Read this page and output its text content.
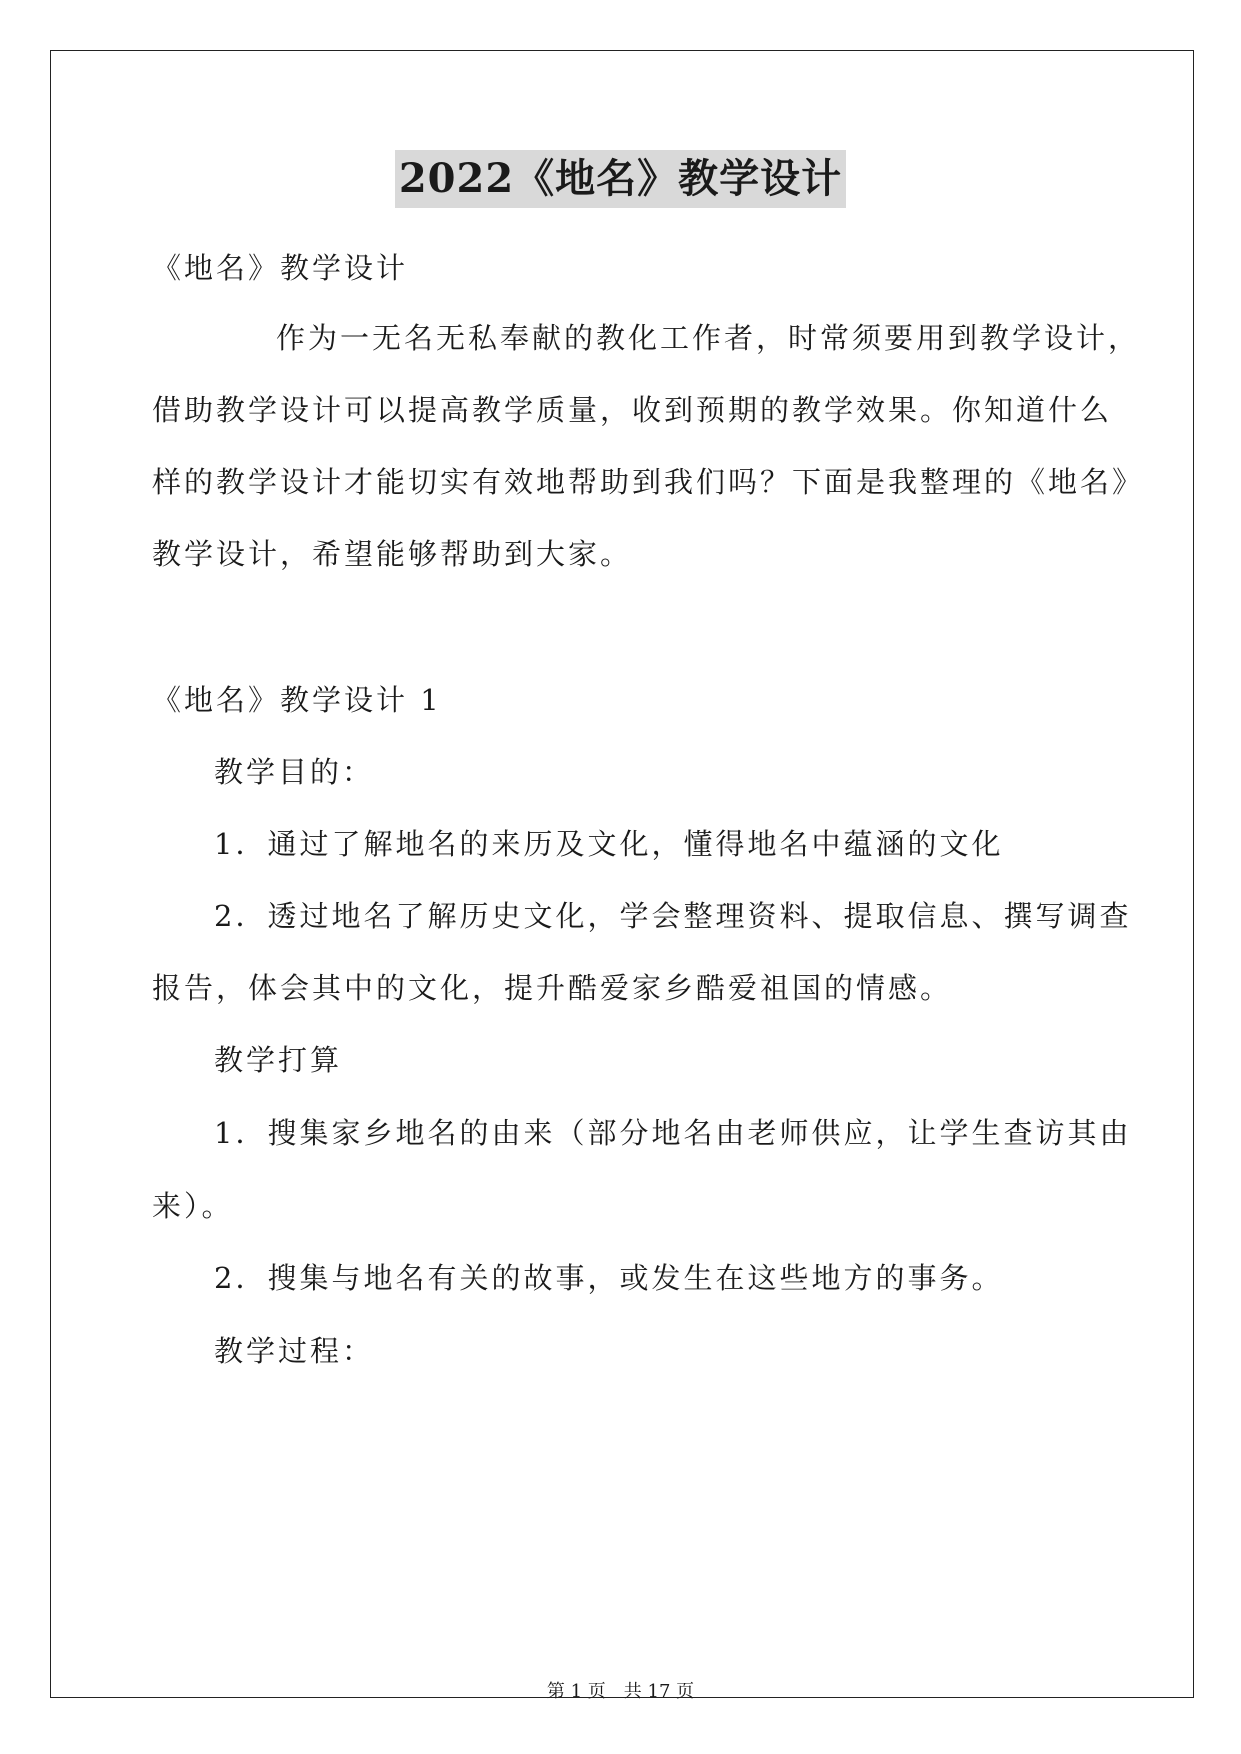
2022《地名》教学设计
《地名》教学设计
作为一无名无私奉献的教化工作者，时常须要用到教学设计，
借助教学设计可以提高教学质量，收到预期的教学效果。你知道什么
样的教学设计才能切实有效地帮助到我们吗？下面是我整理的《地名》
教学设计，希望能够帮助到大家。
《地名》教学设计 1
教学目的：
1．通过了解地名的来历及文化，懂得地名中蕴涵的文化
2．透过地名了解历史文化，学会整理资料、提取信息、撰写调查
报告，体会其中的文化，提升酷爱家乡酷爱祖国的情感。
教学打算
1．搜集家乡地名的由来（部分地名由老师供应，让学生查访其由
来）。
2．搜集与地名有关的故事，或发生在这些地方的事务。
教学过程：
第 1 页　共 17 页
